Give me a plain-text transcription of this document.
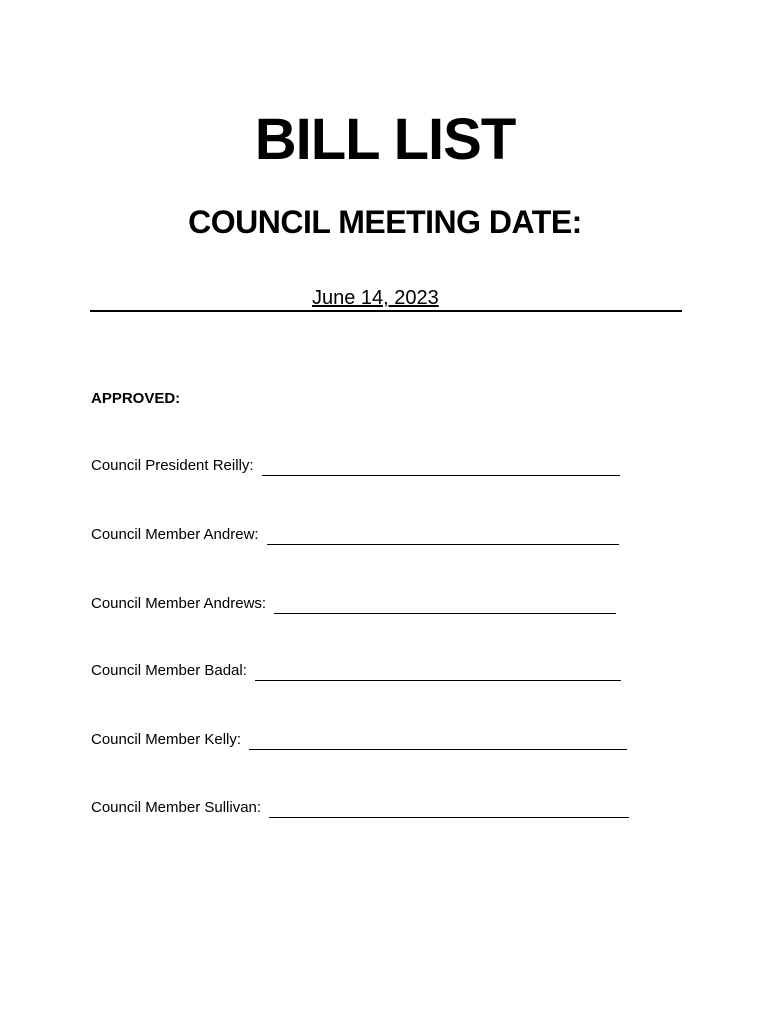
BILL LIST
COUNCIL MEETING DATE:
June 14, 2023

APPROVED:

Council President Reilly:
Council Member Andrew:
Council Member Andrews:
Council Member Badal:
Council Member Kelly:
Council Member Sullivan:
